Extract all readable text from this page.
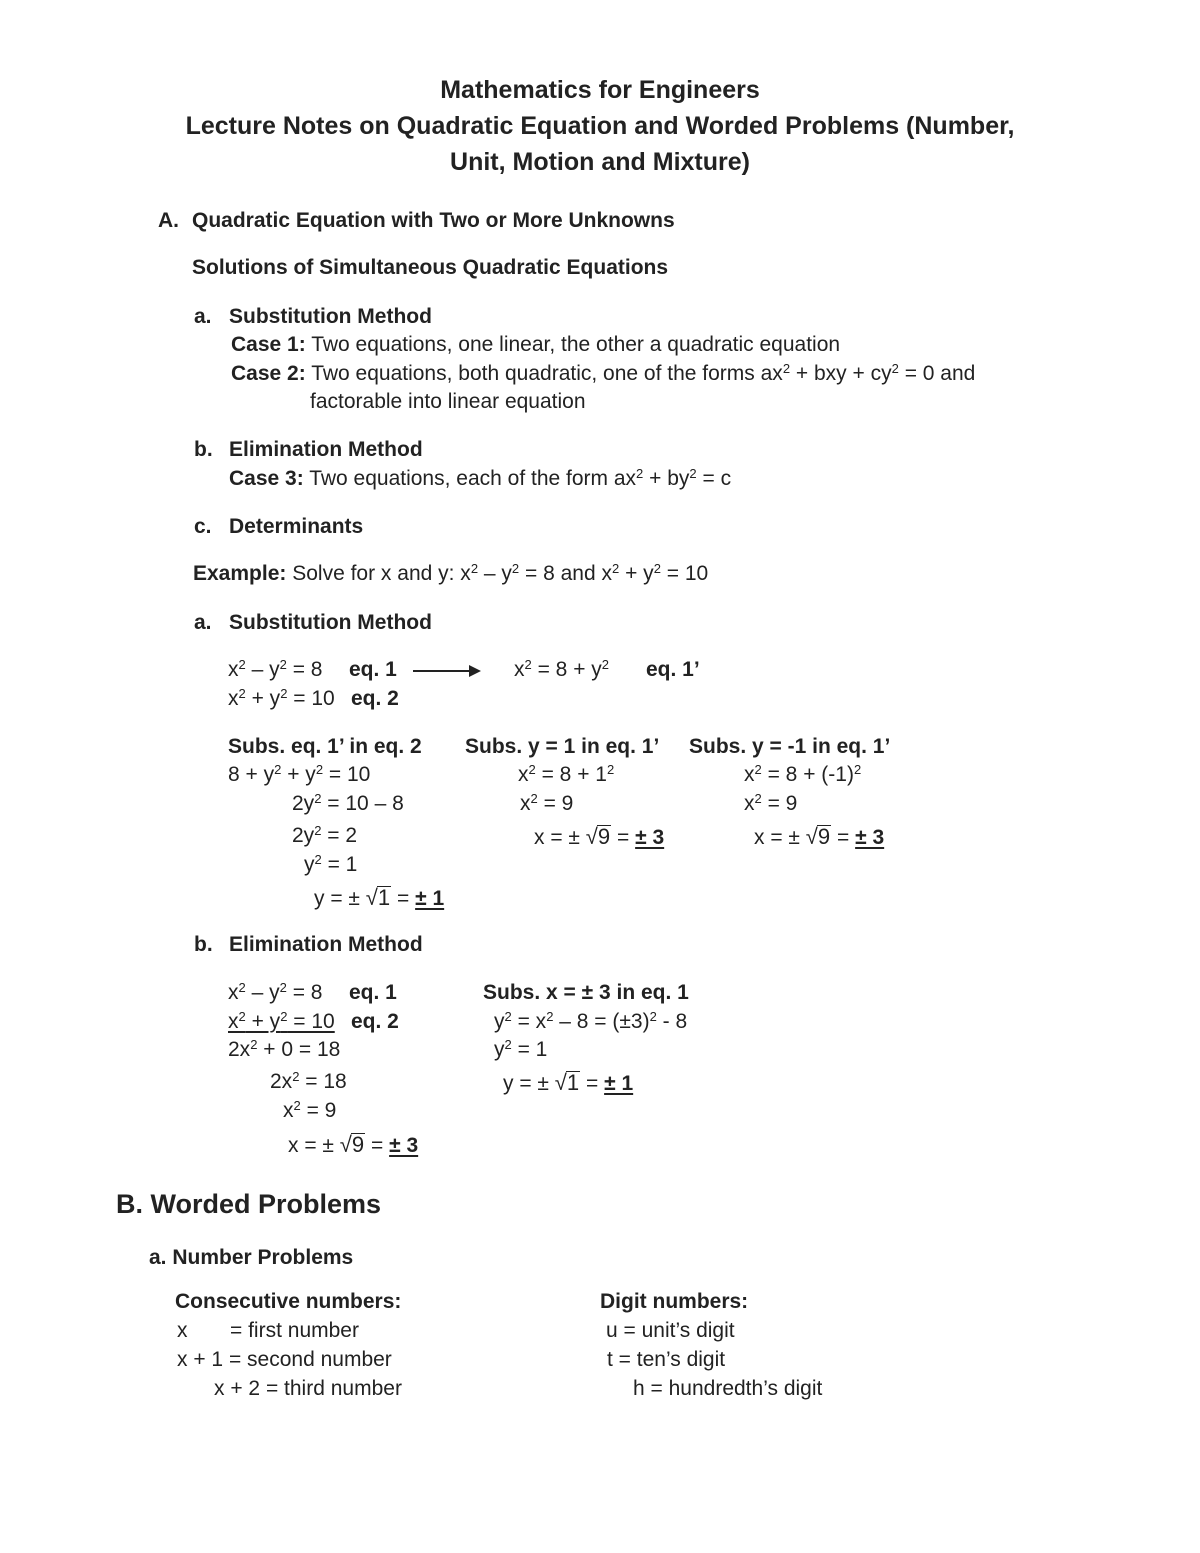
Mathematics for Engineers
Lecture Notes on Quadratic Equation and Worded Problems (Number,
Unit, Motion and Mixture)
A. Quadratic Equation with Two or More Unknowns
Solutions of Simultaneous Quadratic Equations
a. Substitution Method
Case 1: Two equations, one linear, the other a quadratic equation
Case 2: Two equations, both quadratic, one of the forms $ax^2$ + bxy + $cy^2 = 0$ and
factorable into linear equation
b. Elimination Method
Case 3: Two equations, each of the form $ax^2 + by^2 = c$
c. Determinants
Example: Solve for x and y: $x^2 - y^2 = 8$ and $x^2 + y^2 = 10$
a. Substitution Method
$x^2 - y^2 = 8$ eq. 1	$x^2 = 8 + y^2$ eq. 1’
$x^2 + y^2 = 10$ eq. 2
Subs. eq. 1’ in eq. 2
$8 + y^2 + y^2 = 10$
$2y^2 = 10 - 8$
$2y^2 = 2$
$y^2 = 1$
y = ± √ 1 = ± 1
Subs. y = 1 in eq. 1’
$x^2 = 8 + 1^2$
$x^2 = 9$
x = ± √ 9 = ± 3
Subs. y = -1 in eq. 1’
$x^2 = 8 + (-1)^2$
$x^2 = 9$
x = ± √ 9 = ± 3
b. Elimination Method
$x^2 - y^2 = 8$ eq. 1
$x^2 + y^2 = 10$ eq. 2
$2x^2 + 0 = 18$
$2x^2 = 18$
$x^2 = 9$
x = ± √ 9 = ± 3
Subs. x = ± 3 in eq. 1
$y^2 = x^2 - 8 = (\pm 3)^2 - 8$
$y^2 = 1$
y = ± √ 1 = ± 1
B. Worded Problems
a. Number Problems
Consecutive numbers:
x = first number
x + 1 = second number
x + 2 = third number
Digit numbers:
u = unit’s digit
t = ten’s digit
h = hundredth’s digit
